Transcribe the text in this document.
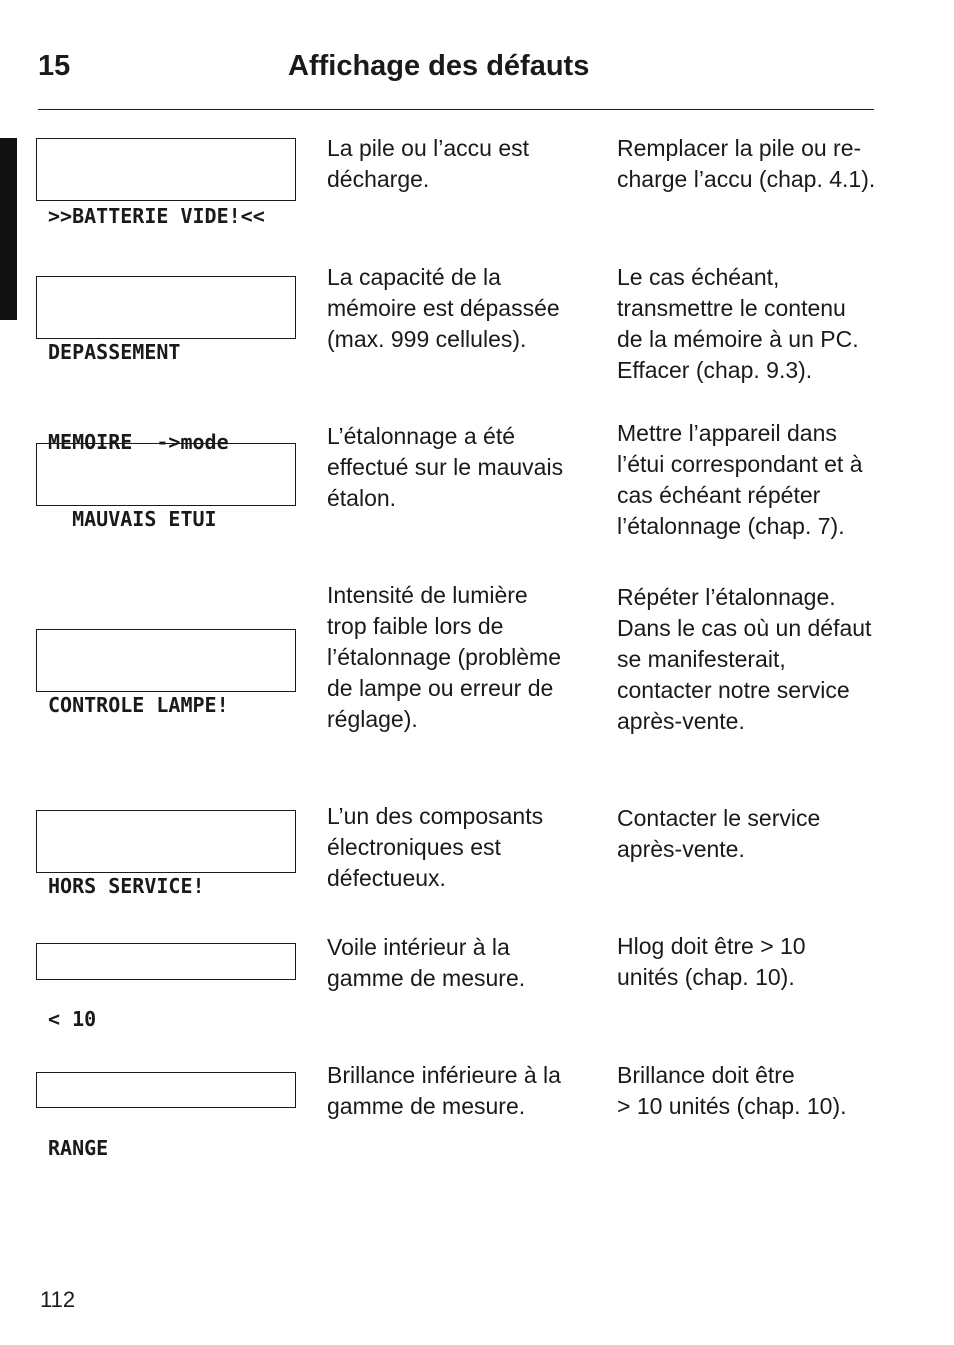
15	Affichage des défauts

>>BATTERIE VIDE!<<

La pile ou l’accu est
décharge.
Remplacer la pile ou re-
charge l’accu (chap. 4.1).

DEPASSEMENT

MEMOIRE  ->mode

La capacité de la
mémoire est dépassée
(max. 999 cellules).
Le cas échéant,
transmettre le contenu
de la mémoire à un PC.
Effacer (chap. 9.3).

MAUVAIS ETUI

L’étalonnage a été
effectué sur le mauvais
étalon.
Mettre l’appareil dans
l’étui correspondant et à
cas échéant répéter
l’étalonnage (chap. 7).

CONTROLE LAMPE!

Intensité de lumière
trop faible lors de
l’étalonnage (problème
de lampe ou erreur de
réglage).
Répéter l’étalonnage.
Dans le cas où un défaut
se manifesterait,
contacter notre service
après-vente.

HORS SERVICE!

L’un des composants
électroniques est
défectueux.
Contacter le service
après-vente.

< 10

Voile intérieur à la
gamme de mesure.
Hlog doit être > 10
unités (chap. 10).

RANGE

Brillance inférieure à la
gamme de mesure.
Brillance doit être
> 10 unités (chap. 10).
112
